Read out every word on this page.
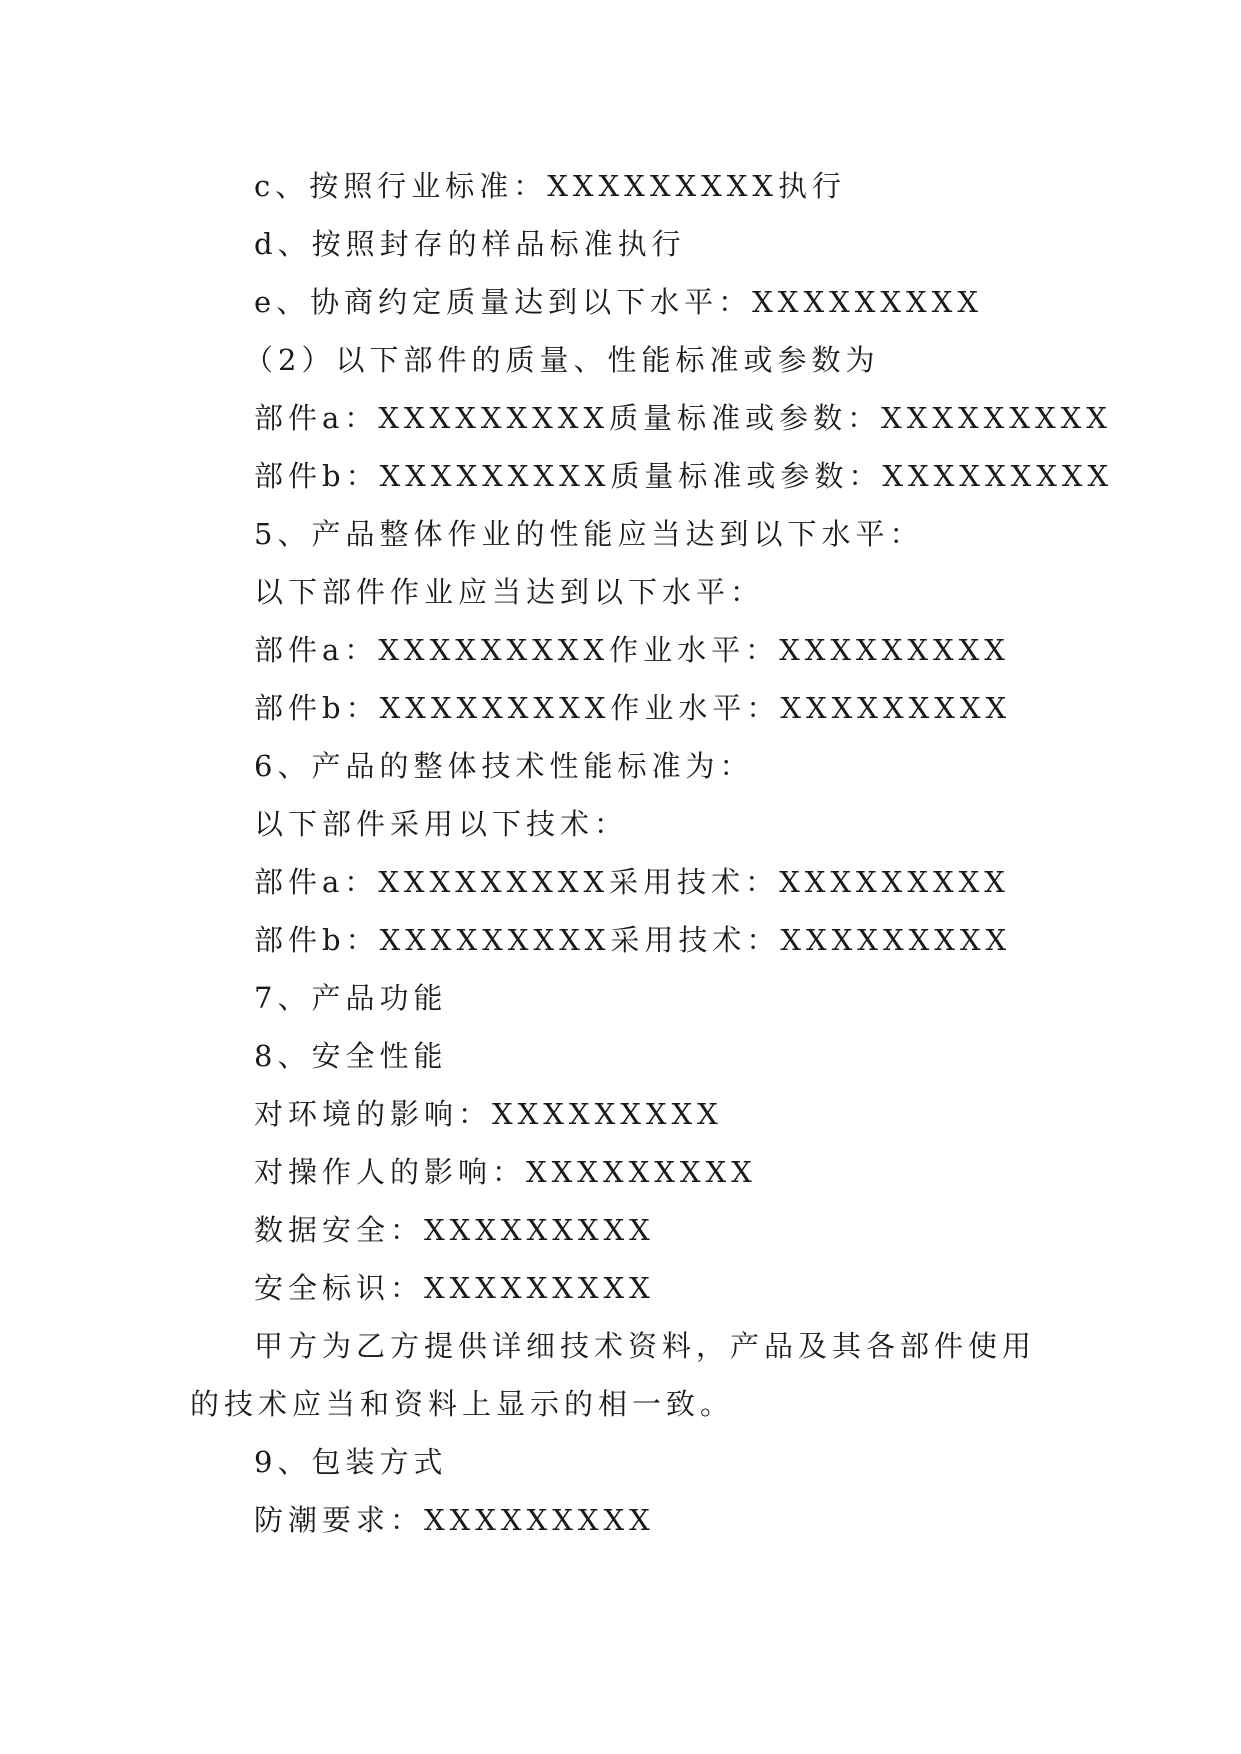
c、按照行业标准：XXXXXXXXX执行
d、按照封存的样品标准执行
e、协商约定质量达到以下水平：XXXXXXXXX
（2）以下部件的质量、性能标准或参数为
部件a：XXXXXXXXX质量标准或参数：XXXXXXXXX
部件b：XXXXXXXXX质量标准或参数：XXXXXXXXX
5、产品整体作业的性能应当达到以下水平：
以下部件作业应当达到以下水平：
部件a：XXXXXXXXX作业水平：XXXXXXXXX
部件b：XXXXXXXXX作业水平：XXXXXXXXX
6、产品的整体技术性能标准为：
以下部件采用以下技术：
部件a：XXXXXXXXX采用技术：XXXXXXXXX
部件b：XXXXXXXXX采用技术：XXXXXXXXX
7、产品功能
8、安全性能
对环境的影响：XXXXXXXXX
对操作人的影响：XXXXXXXXX
数据安全：XXXXXXXXX
安全标识：XXXXXXXXX
甲方为乙方提供详细技术资料，产品及其各部件使用的技术应当和资料上显示的相一致。
9、包装方式
防潮要求：XXXXXXXXX
